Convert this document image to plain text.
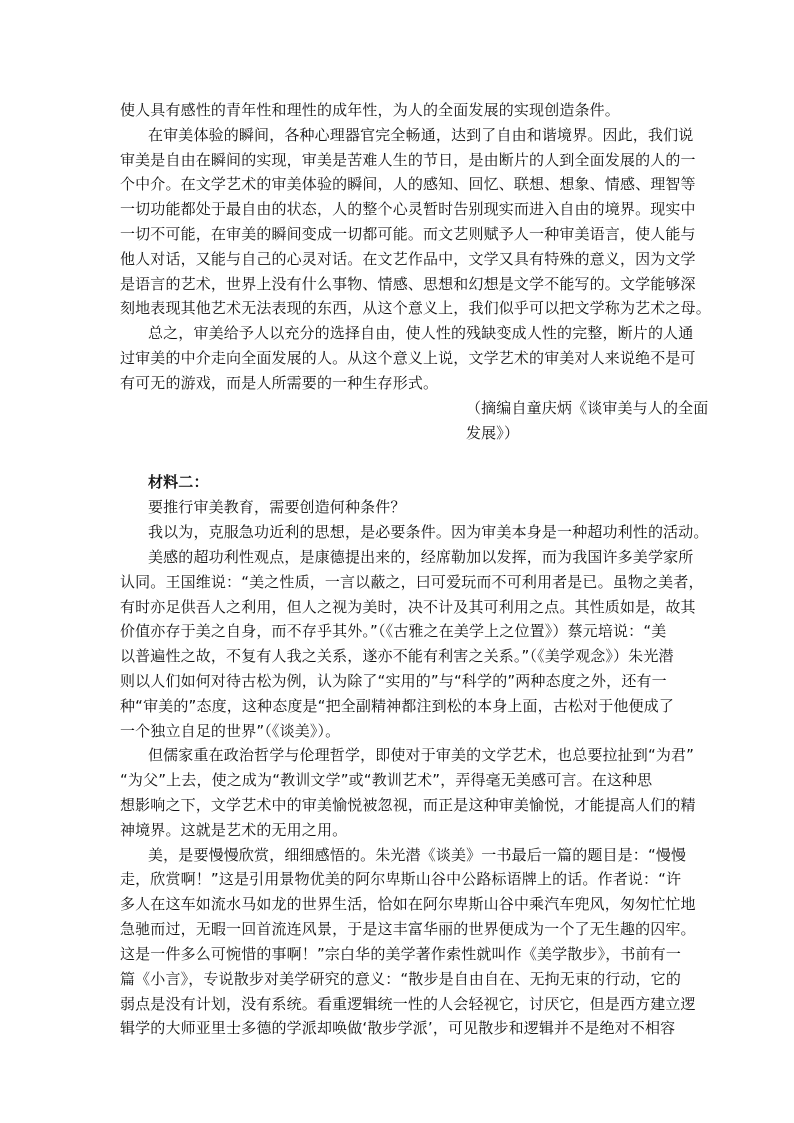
使人具有感性的青年性和理性的成年性，为人的全面发展的实现创造条件。
在审美体验的瞬间，各种心理器官完全畅通，达到了自由和谐境界。因此，我们说
审美是自由在瞬间的实现，审美是苦难人生的节日，是由断片的人到全面发展的人的一
个中介。在文学艺术的审美体验的瞬间，人的感知、回忆、联想、想象、情感、理智等
一切功能都处于最自由的状态，人的整个心灵暂时告别现实而进入自由的境界。现实中
一切不可能，在审美的瞬间变成一切都可能。而文艺则赋予人一种审美语言，使人能与
他人对话，又能与自己的心灵对话。在文艺作品中，文学又具有特殊的意义，因为文学
是语言的艺术，世界上没有什么事物、情感、思想和幻想是文学不能写的。文学能够深
刻地表现其他艺术无法表现的东西，从这个意义上，我们似乎可以把文学称为艺术之母。
总之，审美给予人以充分的选择自由，使人性的残缺变成人性的完整，断片的人通
过审美的中介走向全面发展的人。从这个意义上说，文学艺术的审美对人来说绝不是可
有可无的游戏，而是人所需要的一种生存形式。
（摘编自童庆炳《谈审美与人的全面
发展》）
材料二：
要推行审美教育，需要创造何种条件？
我以为，克服急功近利的思想，是必要条件。因为审美本身是一种超功利性的活动。
美感的超功利性观点，是康德提出来的，经席勒加以发挥，而为我国许多美学家所
认同。王国维说：“美之性质，一言以蔽之，曰可爱玩而不可利用者是已。虽物之美者，
有时亦足供吾人之利用，但人之视为美时，决不计及其可利用之点。其性质如是，故其
价值亦存于美之自身，而不存乎其外。”（《古雅之在美学上之位置》）蔡元培说：“美
以普遍性之故，不复有人我之关系，遂亦不能有利害之关系。”（《美学观念》）朱光潜
则以人们如何对待古松为例，认为除了“实用的”与“科学的”两种态度之外，还有一
种“审美的”态度，这种态度是“把全副精神都注到松的本身上面，古松对于他便成了
一个独立自足的世界”（《谈美》）。
但儒家重在政治哲学与伦理哲学，即使对于审美的文学艺术，也总要拉扯到“为君”
“为父”上去，使之成为“教训文学”或“教训艺术”，弄得毫无美感可言。在这种思
想影响之下，文学艺术中的审美愉悦被忽视，而正是这种审美愉悦，才能提高人们的精
神境界。这就是艺术的无用之用。
美，是要慢慢欣赏，细细感悟的。朱光潜《谈美》一书最后一篇的题目是：“慢慢
走，欣赏啊！”这是引用景物优美的阿尔卑斯山谷中公路标语牌上的话。作者说：“许
多人在这车如流水马如龙的世界生活，恰如在阿尔卑斯山谷中乘汽车兜风，匆匆忙忙地
急驰而过，无暇一回首流连风景，于是这丰富华丽的世界便成为一个了无生趣的囚牢。
这是一件多么可惋惜的事啊！”宗白华的美学著作索性就叫作《美学散步》，书前有一
篇《小言》，专说散步对美学研究的意义：“散步是自由自在、无拘无束的行动，它的
弱点是没有计划，没有系统。看重逻辑统一性的人会轻视它，讨厌它，但是西方建立逻
辑学的大师亚里士多德的学派却唤做‘散步学派’，可见散步和逻辑并不是绝对不相容
